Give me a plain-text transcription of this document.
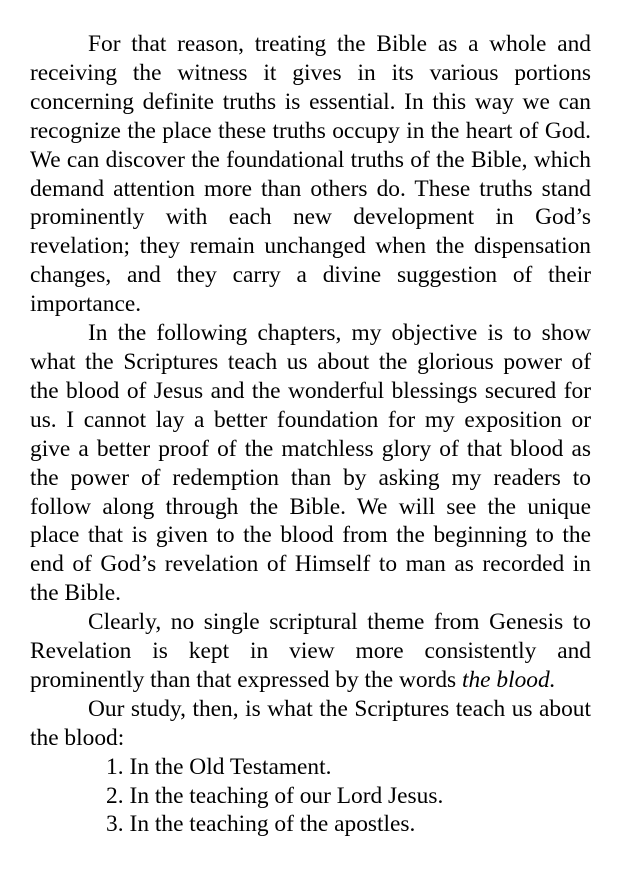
For that reason, treating the Bible as a whole and receiving the witness it gives in its various portions concerning definite truths is essential. In this way we can recognize the place these truths occupy in the heart of God. We can discover the foundational truths of the Bible, which demand attention more than others do. These truths stand prominently with each new development in God’s revelation; they remain unchanged when the dispensation changes, and they carry a divine suggestion of their importance.

In the following chapters, my objective is to show what the Scriptures teach us about the glorious power of the blood of Jesus and the wonderful blessings secured for us. I cannot lay a better foundation for my exposition or give a better proof of the matchless glory of that blood as the power of redemption than by asking my readers to follow along through the Bible. We will see the unique place that is given to the blood from the beginning to the end of God’s revelation of Himself to man as recorded in the Bible.

Clearly, no single scriptural theme from Genesis to Revelation is kept in view more consistently and prominently than that expressed by the words the blood.

Our study, then, is what the Scriptures teach us about the blood:

1. In the Old Testament.
2. In the teaching of our Lord Jesus.
3. In the teaching of the apostles.
